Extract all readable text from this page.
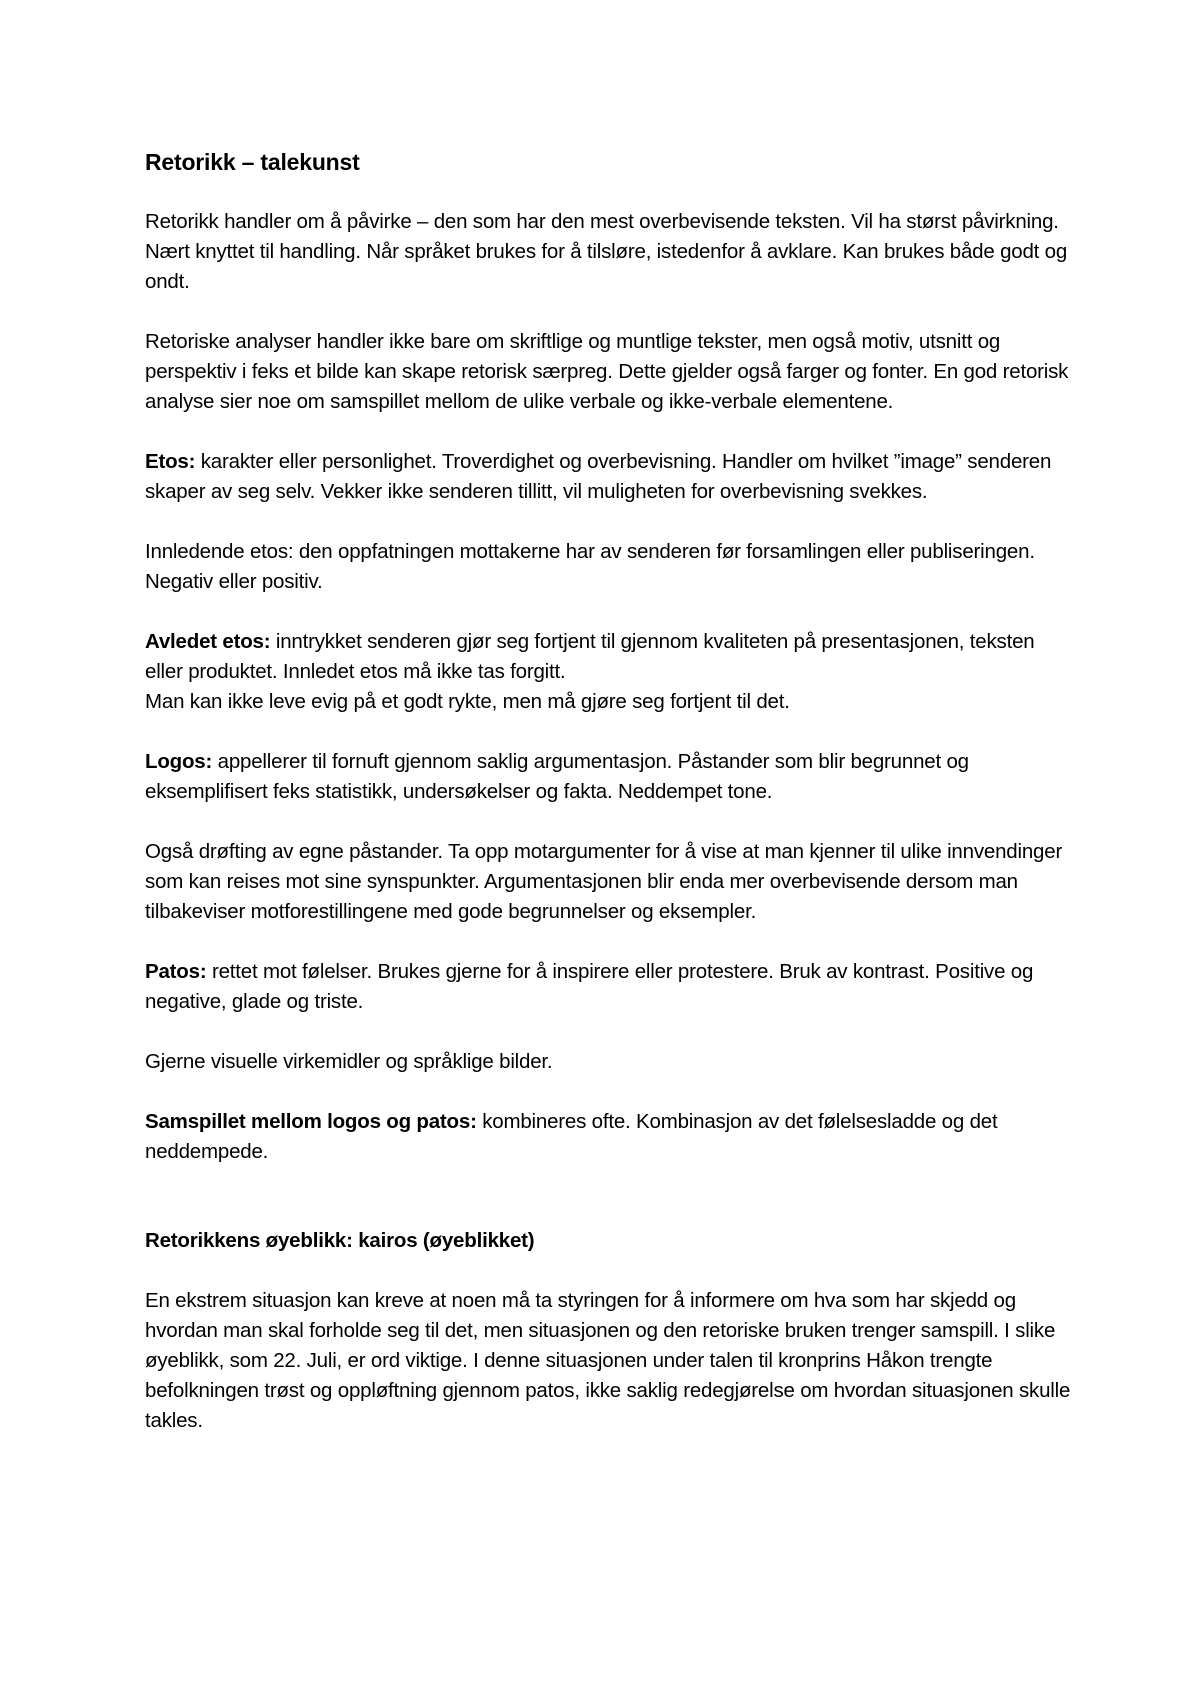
Retorikk – talekunst

Retorikk handler om å påvirke – den som har den mest overbevisende teksten. Vil ha størst påvirkning. Nært knyttet til handling. Når språket brukes for å tilsløre, istedenfor å avklare. Kan brukes både godt og ondt.

Retoriske analyser handler ikke bare om skriftlige og muntlige tekster, men også motiv, utsnitt og perspektiv i feks et bilde kan skape retorisk særpreg. Dette gjelder også farger og fonter. En god retorisk analyse sier noe om samspillet mellom de ulike verbale og ikke-verbale elementene.

Etos: karakter eller personlighet. Troverdighet og overbevisning. Handler om hvilket ”image” senderen skaper av seg selv. Vekker ikke senderen tillitt, vil muligheten for overbevisning svekkes.

Innledende etos: den oppfatningen mottakerne har av senderen før forsamlingen eller publiseringen. Negativ eller positiv.

Avledet etos: inntrykket senderen gjør seg fortjent til gjennom kvaliteten på presentasjonen, teksten eller produktet. Innledet etos må ikke tas forgitt.

Man kan ikke leve evig på et godt rykte, men må gjøre seg fortjent til det.

Logos: appellerer til fornuft gjennom saklig argumentasjon. Påstander som blir begrunnet og eksemplifisert feks statistikk, undersøkelser og fakta. Neddempet tone.

Også drøfting av egne påstander. Ta opp motargumenter for å vise at man kjenner til ulike innvendinger som kan reises mot sine synspunkter. Argumentasjonen blir enda mer overbevisende dersom man tilbakeviser motforestillingene med gode begrunnelser og eksempler.

Patos: rettet mot følelser. Brukes gjerne for å inspirere eller protestere. Bruk av kontrast. Positive og negative, glade og triste.

Gjerne visuelle virkemidler og språklige bilder.

Samspillet mellom logos og patos: kombineres ofte. Kombinasjon av det følelsesladde og det neddempede.

Retorikkens øyeblikk: kairos (øyeblikket)

En ekstrem situasjon kan kreve at noen må ta styringen for å informere om hva som har skjedd og hvordan man skal forholde seg til det, men situasjonen og den retoriske bruken trenger samspill. I slike øyeblikk, som 22. Juli, er ord viktige. I denne situasjonen under talen til kronprins Håkon trengte befolkningen trøst og oppløftning gjennom patos, ikke saklig redegjørelse om hvordan situasjonen skulle takles.
